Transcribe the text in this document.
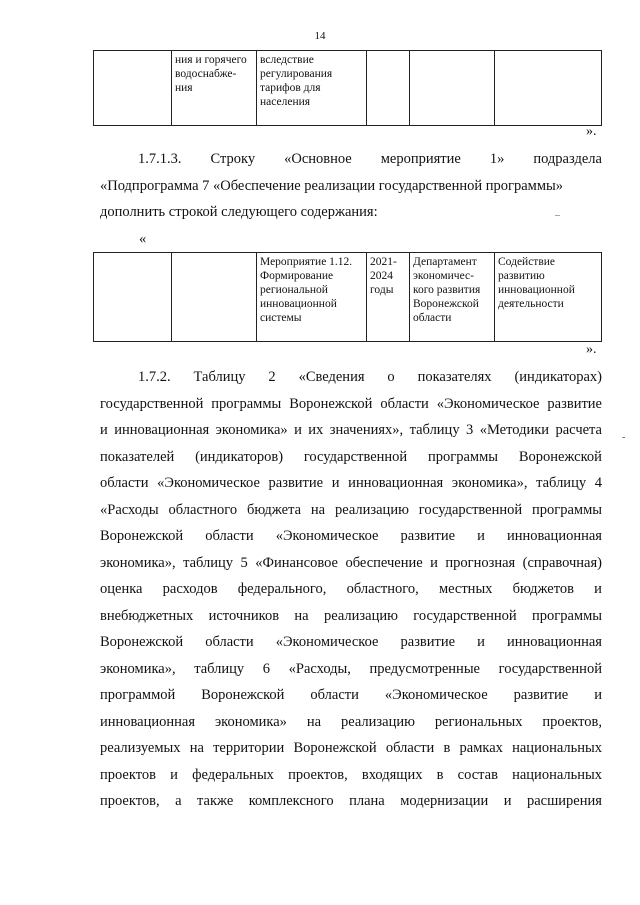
14
	ния и горячего водоснабже-ния	вследствие регулирования тарифов для населения			
».
1.7.1.3. Строку «Основное мероприятие 1» подраздела
«Подпрограмма 7 «Обеспечение реализации государственной программы»
дополнить строкой следующего содержания:
«
–
		Мероприятие 1.12. Формирование региональной инновационной системы	2021-2024 годы	Департамент экономичес-кого развития Воронежской области	Содействие развитию инновационной деятельности
».
1.7.2. Таблицу 2 «Сведения о показателях (индикаторах)
государственной программы Воронежской области «Экономическое развитие
и инновационная экономика» и их значениях», таблицу 3 «Методики расчета
показателей (индикаторов) государственной программы Воронежской
области «Экономическое развитие и инновационная экономика», таблицу 4
«Расходы областного бюджета на реализацию государственной программы
Воронежской области «Экономическое развитие и инновационная
экономика», таблицу 5 «Финансовое обеспечение и прогнозная (справочная)
оценка расходов федерального, областного, местных бюджетов и
внебюджетных источников на реализацию государственной программы
Воронежской области «Экономическое развитие и инновационная
экономика», таблицу 6 «Расходы, предусмотренные государственной
программой Воронежской области «Экономическое развитие и
инновационная экономика» на реализацию региональных проектов,
реализуемых на территории Воронежской области в рамках национальных
проектов и федеральных проектов, входящих в состав национальных
проектов, а также комплексного плана модернизации и расширения
-
